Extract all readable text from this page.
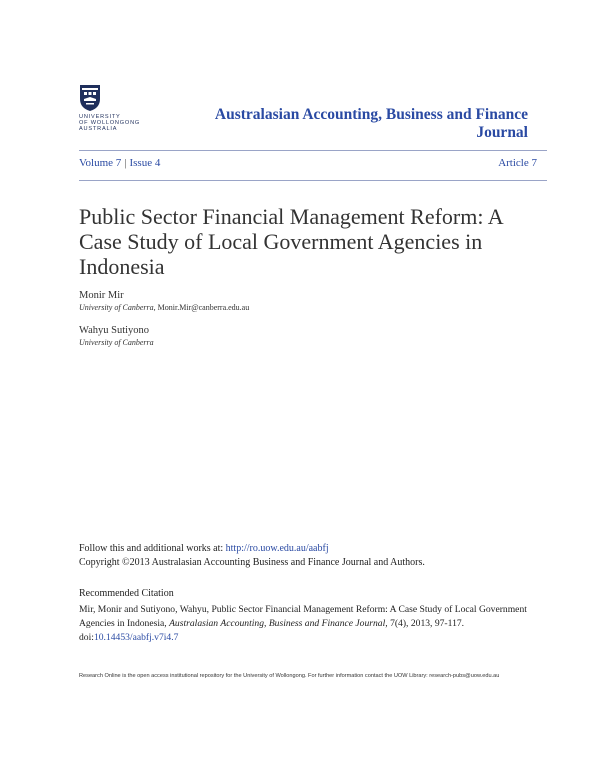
UNIVERSITY
OF WOLLONGONG
AUSTRALIA
Australasian Accounting, Business and Finance Journal
Volume 7 | Issue 4	Article 7
Public Sector Financial Management Reform: A Case Study of Local Government Agencies in Indonesia
Monir Mir
University of Canberra, Monir.Mir@canberra.edu.au
Wahyu Sutiyono
University of Canberra
Follow this and additional works at: http://ro.uow.edu.au/aabfj
Copyright ©2013 Australasian Accounting Business and Finance Journal and Authors.
Recommended Citation
Mir, Monir and Sutiyono, Wahyu, Public Sector Financial Management Reform: A Case Study of Local Government Agencies in Indonesia, Australasian Accounting, Business and Finance Journal, 7(4), 2013, 97-117. doi:10.14453/aabfj.v7i4.7
Research Online is the open access institutional repository for the University of Wollongong. For further information contact the UOW Library: research-pubs@uow.edu.au
